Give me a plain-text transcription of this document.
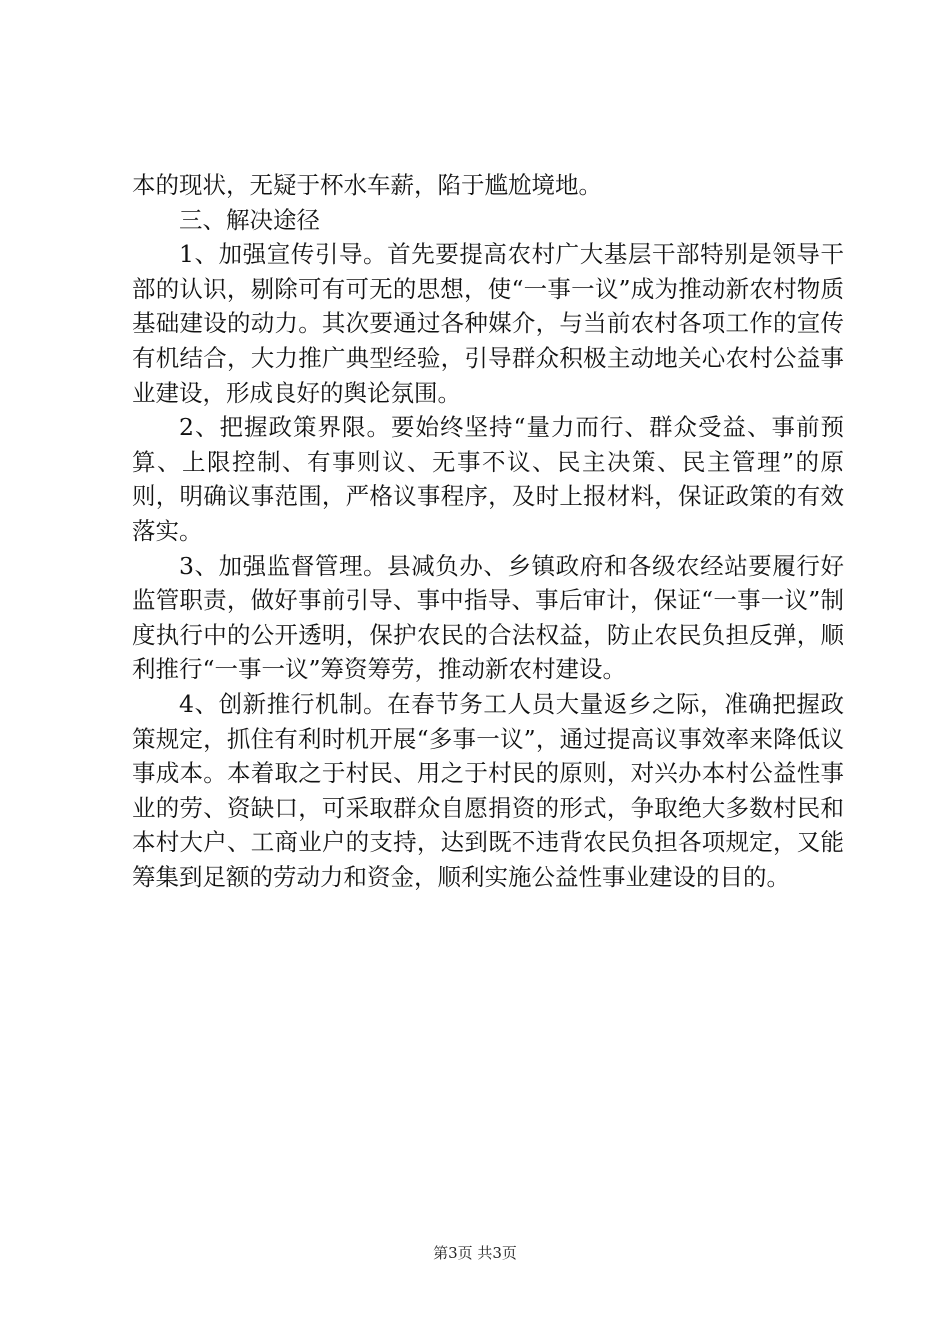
本的现状，无疑于杯水车薪，陷于尴尬境地。

三、解决途径

1、加强宣传引导。首先要提高农村广大基层干部特别是领导干部的认识，剔除可有可无的思想，使“一事一议”成为推动新农村物质基础建设的动力。其次要通过各种媒介，与当前农村各项工作的宣传有机结合，大力推广典型经验，引导群众积极主动地关心农村公益事业建设，形成良好的舆论氛围。

2、把握政策界限。要始终坚持“量力而行、群众受益、事前预算、上限控制、有事则议、无事不议、民主决策、民主管理”的原则，明确议事范围，严格议事程序，及时上报材料，保证政策的有效落实。

3、加强监督管理。县减负办、乡镇政府和各级农经站要履行好监管职责，做好事前引导、事中指导、事后审计，保证“一事一议”制度执行中的公开透明，保护农民的合法权益，防止农民负担反弹，顺利推行“一事一议”筹资筹劳，推动新农村建设。

4、创新推行机制。在春节务工人员大量返乡之际，准确把握政策规定，抓住有利时机开展“多事一议”，通过提高议事效率来降低议事成本。本着取之于村民、用之于村民的原则，对兴办本村公益性事业的劳、资缺口，可采取群众自愿捐资的形式，争取绝大多数村民和本村大户、工商业户的支持，达到既不违背农民负担各项规定，又能筹集到足额的劳动力和资金，顺利实施公益性事业建设的目的。

第3页 共3页
